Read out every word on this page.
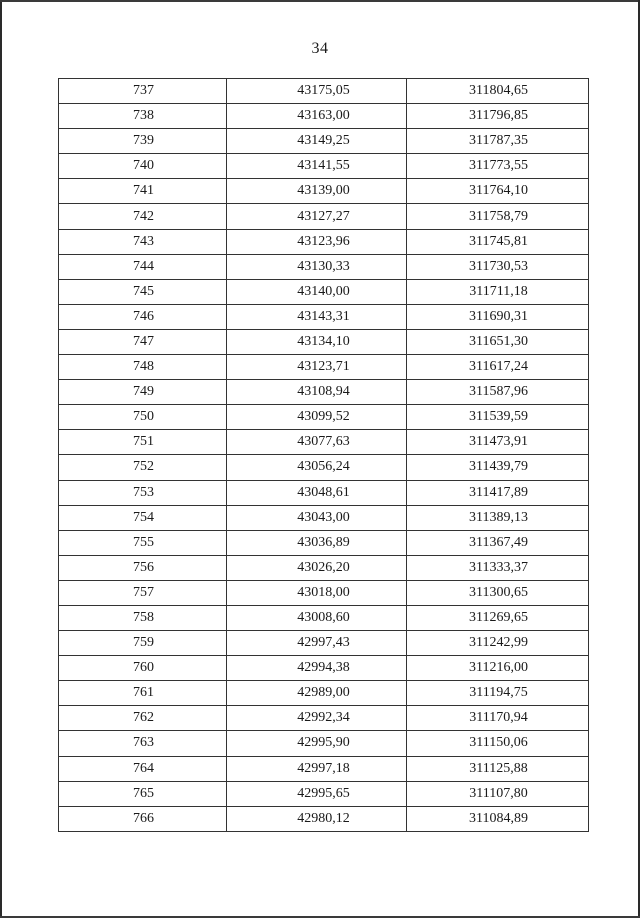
34
737	43175,05	311804,65
738	43163,00	311796,85
739	43149,25	311787,35
740	43141,55	311773,55
741	43139,00	311764,10
742	43127,27	311758,79
743	43123,96	311745,81
744	43130,33	311730,53
745	43140,00	311711,18
746	43143,31	311690,31
747	43134,10	311651,30
748	43123,71	311617,24
749	43108,94	311587,96
750	43099,52	311539,59
751	43077,63	311473,91
752	43056,24	311439,79
753	43048,61	311417,89
754	43043,00	311389,13
755	43036,89	311367,49
756	43026,20	311333,37
757	43018,00	311300,65
758	43008,60	311269,65
759	42997,43	311242,99
760	42994,38	311216,00
761	42989,00	311194,75
762	42992,34	311170,94
763	42995,90	311150,06
764	42997,18	311125,88
765	42995,65	311107,80
766	42980,12	311084,89
